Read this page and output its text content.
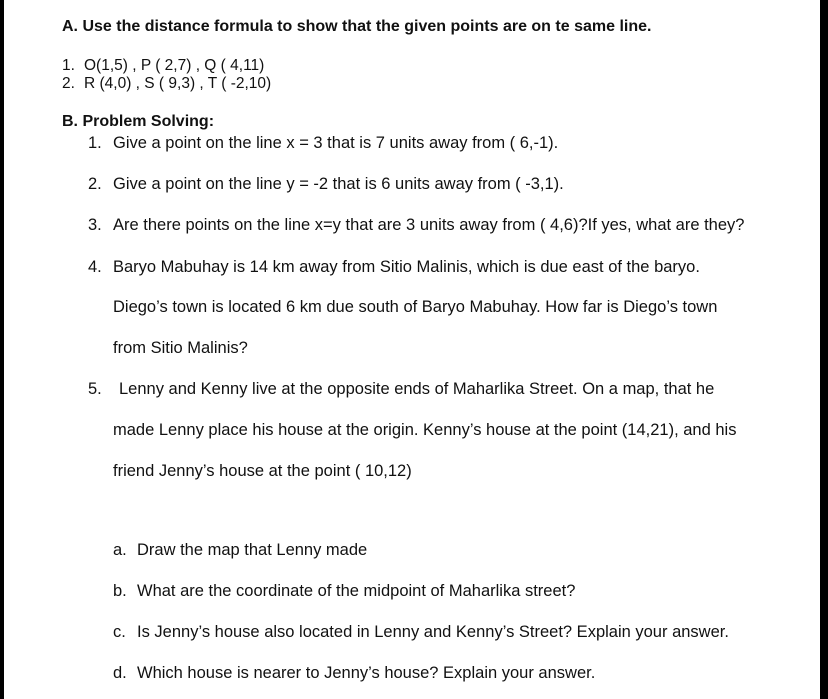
A. Use the distance formula to show that the given points are on te same line.
1. O(1,5) , P ( 2,7) , Q ( 4,11)
2. R (4,0) , S ( 9,3) , T ( -2,10)
B. Problem Solving:
1. Give a point on the line x = 3 that is 7 units away from ( 6,-1).
2. Give a point on the line y = -2 that is 6 units away from ( -3,1).
3. Are there points on the line x=y that are 3 units away from ( 4,6)?If yes, what are they?
4. Baryo Mabuhay is 14 km away from Sitio Malinis, which is due east of the baryo.
Diego’s town is located 6 km due south of Baryo Mabuhay. How far is Diego’s town
from Sitio Malinis?
5. Lenny and Kenny live at the opposite ends of Maharlika Street. On a map, that he
made Lenny place his house at the origin. Kenny’s house at the point (14,21), and his
friend Jenny’s house at the point ( 10,12)
a. Draw the map that Lenny made
b. What are the coordinate of the midpoint of Maharlika street?
c. Is Jenny’s house also located in Lenny and Kenny’s Street? Explain your answer.
d. Which house is nearer to Jenny’s house? Explain your answer.
